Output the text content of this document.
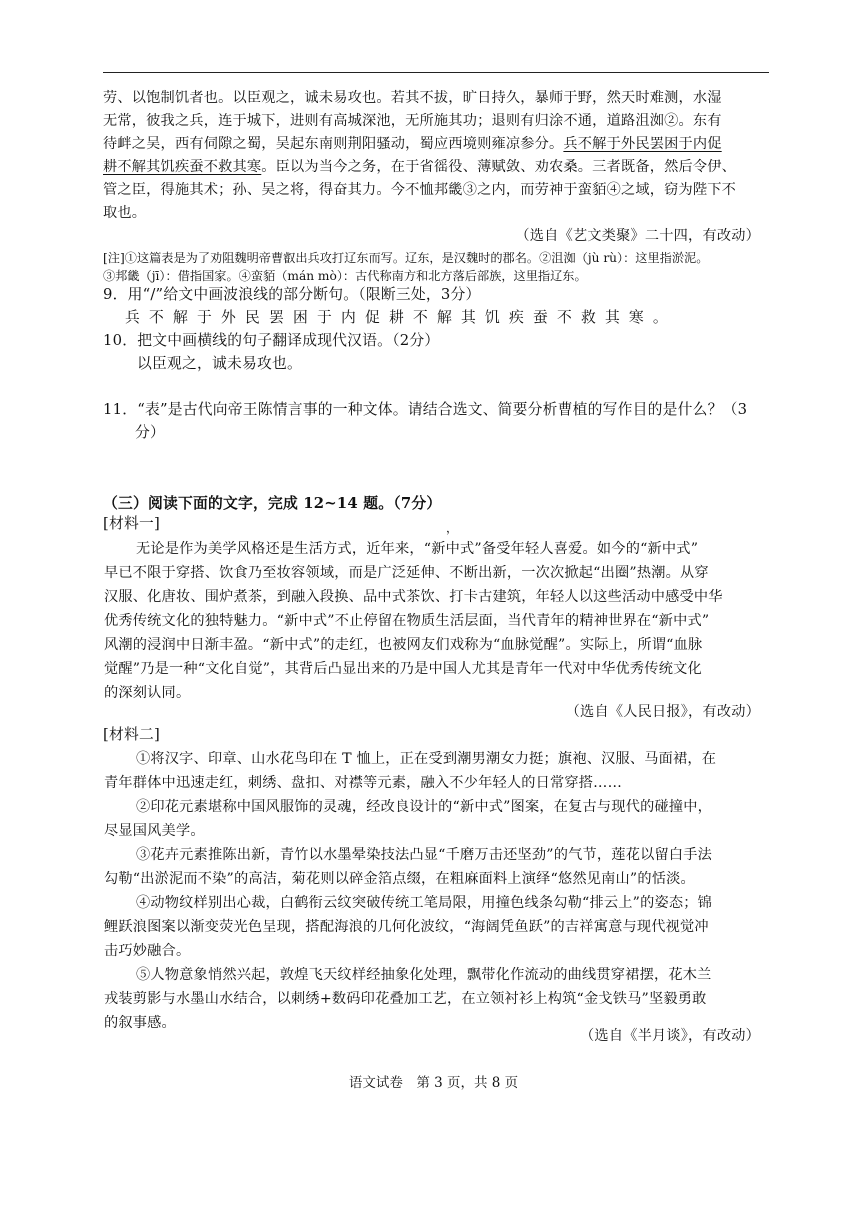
劳、以饱制饥者也。以臣观之，诚未易攻也。若其不拔，旷日持久，暴师于野，然天时难测，水湿
无常，彼我之兵，连于城下，进则有高城深池，无所施其功；退则有归涂不通，道路沮洳②。东有
待衅之吴，西有伺隙之蜀，吴起东南则荆阳骚动，蜀应西境则雍凉参分。兵不解于外民罢困于内促
耕不解其饥疾蚕不救其寒。臣以为当今之务，在于省徭役、薄赋敛、劝农桑。三者既备，然后令伊、
管之臣，得施其术；孙、吴之将，得奋其力。今不恤邦畿③之内，而劳神于蛮貊④之域，窃为陛下不
取也。
（选自《艺文类聚》二十四，有改动）
[注]①这篇表是为了劝阻魏明帝曹叡出兵攻打辽东而写。辽东，是汉魏时的郡名。②沮洳（jù rù）：这里指淤泥。
③邦畿（jī）：借指国家。④蛮貊（mán mò）：古代称南方和北方落后部族，这里指辽东。
9．用“/”给文中画波浪线的部分断句。（限断三处，3分）
兵不解于外民罢困于内促耕不解其饥疾蚕不救其寒。
10．把文中画横线的句子翻译成现代汉语。（2分）
以臣观之，诚未易攻也。
11．“表”是古代向帝王陈情言事的一种文体。请结合选文、简要分析曹植的写作目的是什么？（3
分）
（三）阅读下面的文字，完成 12~14 题。（7分）
，
[材料一]
无论是作为美学风格还是生活方式，近年来，“新中式”备受年轻人喜爱。如今的“新中式”
早已不限于穿搭、饮食乃至妆容领域，而是广泛延伸、不断出新，一次次掀起“出圈”热潮。从穿
汉服、化唐妆、围炉煮茶，到融入段换、品中式茶饮、打卡古建筑，年轻人以这些活动中感受中华
优秀传统文化的独特魅力。“新中式”不止停留在物质生活层面，当代青年的精神世界在“新中式”
风潮的浸润中日渐丰盈。“新中式”的走红，也被网友们戏称为“血脉觉醒”。实际上，所谓“血脉
觉醒”乃是一种“文化自觉”，其背后凸显出来的乃是中国人尤其是青年一代对中华优秀传统文化
的深刻认同。
（选自《人民日报》，有改动）
[材料二]
①将汉字、印章、山水花鸟印在 T 恤上，正在受到潮男潮女力挺；旗袍、汉服、马面裙，在
青年群体中迅速走红，刺绣、盘扣、对襟等元素，融入不少年轻人的日常穿搭……
②印花元素堪称中国风服饰的灵魂，经改良设计的“新中式”图案，在复古与现代的碰撞中，
尽显国风美学。
③花卉元素推陈出新，青竹以水墨晕染技法凸显“千磨万击还坚劲”的气节，莲花以留白手法
勾勒“出淤泥而不染”的高洁，菊花则以碎金箔点缀，在粗麻面料上演绎“悠然见南山”的恬淡。
④动物纹样别出心裁，白鹤衔云纹突破传统工笔局限，用撞色线条勾勒“排云上”的姿态；锦
鲤跃浪图案以渐变荧光色呈现，搭配海浪的几何化波纹，“海阔凭鱼跃”的吉祥寓意与现代视觉冲
击巧妙融合。
⑤人物意象悄然兴起，敦煌飞天纹样经抽象化处理，飘带化作流动的曲线贯穿裙摆，花木兰
戎装剪影与水墨山水结合，以刺绣+数码印花叠加工艺，在立领衬衫上构筑“金戈铁马”坚毅勇敢
的叙事感。
（选自《半月谈》，有改动）
语文试卷　第 3 页，共 8 页
